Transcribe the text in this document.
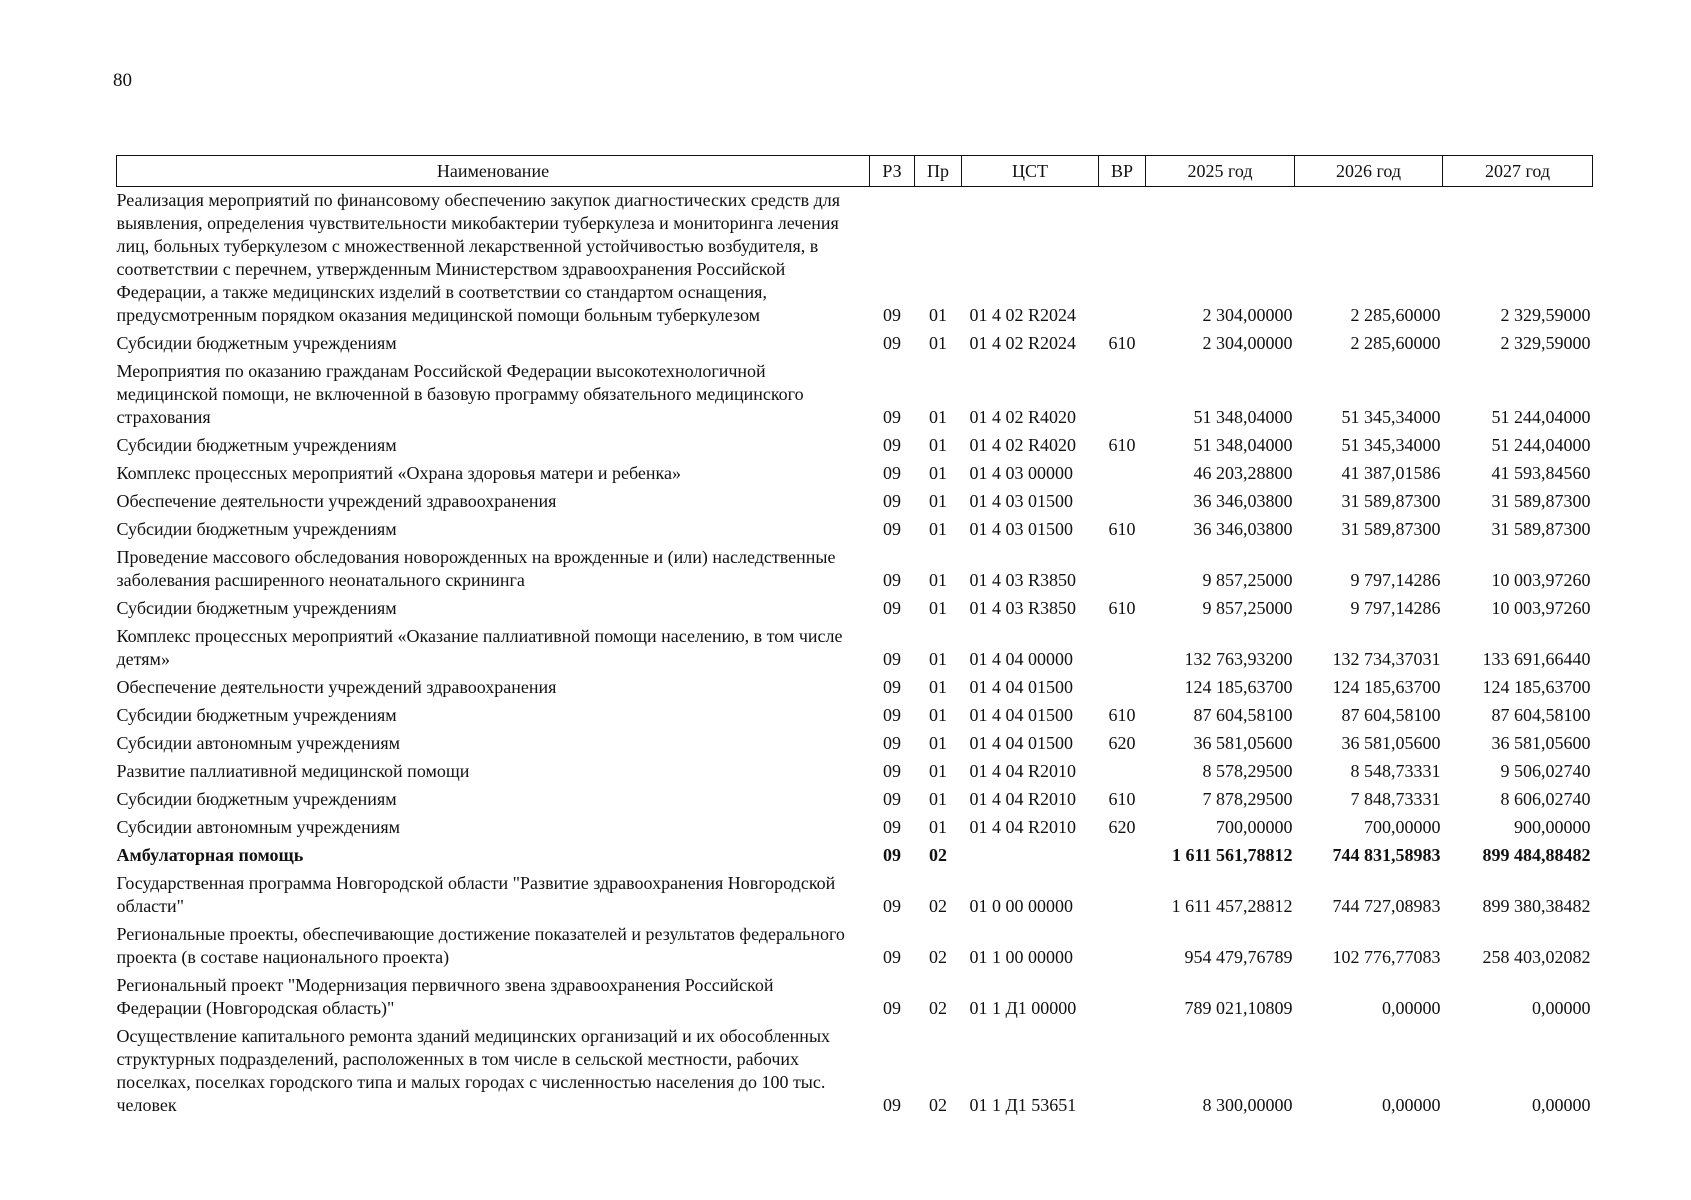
80
Наименование	РЗ	Пр	ЦСТ	ВР	2025 год	2026 год	2027 год
Реализация мероприятий по финансовому обеспечению закупок диагностических средств для выявления, определения чувствительности микобактерии туберкулеза и мониторинга лечения лиц, больных туберкулезом с множественной лекарственной устойчивостью возбудителя, в соответствии с перечнем, утвержденным Министерством здравоохранения Российской Федерации, а также медицинских изделий в соответствии со стандартом оснащения, предусмотренным порядком оказания медицинской помощи больным туберкулезом	09	01	01 4 02 R2024		2 304,00000	2 285,60000	2 329,59000
Субсидии бюджетным учреждениям	09	01	01 4 02 R2024	610	2 304,00000	2 285,60000	2 329,59000
Мероприятия по оказанию гражданам Российской Федерации высокотехнологичной медицинской помощи, не включенной в базовую программу обязательного медицинского страхования	09	01	01 4 02 R4020		51 348,04000	51 345,34000	51 244,04000
Субсидии бюджетным учреждениям	09	01	01 4 02 R4020	610	51 348,04000	51 345,34000	51 244,04000
Комплекс процессных мероприятий «Охрана здоровья матери и ребенка»	09	01	01 4 03 00000		46 203,28800	41 387,01586	41 593,84560
Обеспечение деятельности учреждений здравоохранения	09	01	01 4 03 01500		36 346,03800	31 589,87300	31 589,87300
Субсидии бюджетным учреждениям	09	01	01 4 03 01500	610	36 346,03800	31 589,87300	31 589,87300
Проведение массового обследования новорожденных на врожденные и (или) наследственные заболевания расширенного неонатального скрининга	09	01	01 4 03 R3850		9 857,25000	9 797,14286	10 003,97260
Субсидии бюджетным учреждениям	09	01	01 4 03 R3850	610	9 857,25000	9 797,14286	10 003,97260
Комплекс процессных мероприятий «Оказание паллиативной помощи населению, в том числе детям»	09	01	01 4 04 00000		132 763,93200	132 734,37031	133 691,66440
Обеспечение деятельности учреждений здравоохранения	09	01	01 4 04 01500		124 185,63700	124 185,63700	124 185,63700
Субсидии бюджетным учреждениям	09	01	01 4 04 01500	610	87 604,58100	87 604,58100	87 604,58100
Субсидии автономным учреждениям	09	01	01 4 04 01500	620	36 581,05600	36 581,05600	36 581,05600
Развитие паллиативной медицинской помощи	09	01	01 4 04 R2010		8 578,29500	8 548,73331	9 506,02740
Субсидии бюджетным учреждениям	09	01	01 4 04 R2010	610	7 878,29500	7 848,73331	8 606,02740
Субсидии автономным учреждениям	09	01	01 4 04 R2010	620	700,00000	700,00000	900,00000
Амбулаторная помощь	09	02			1 611 561,78812	744 831,58983	899 484,88482
Государственная программа Новгородской области "Развитие здравоохранения Новгородской области"	09	02	01 0 00 00000		1 611 457,28812	744 727,08983	899 380,38482
Региональные проекты, обеспечивающие достижение показателей и результатов федерального проекта (в составе национального проекта)	09	02	01 1 00 00000		954 479,76789	102 776,77083	258 403,02082
Региональный проект "Модернизация первичного звена здравоохранения Российской Федерации (Новгородская область)"	09	02	01 1 Д1 00000		789 021,10809	0,00000	0,00000
Осуществление капитального ремонта зданий медицинских организаций и их обособленных структурных подразделений, расположенных в том числе в сельской местности, рабочих поселках, поселках городского типа и малых городах с численностью населения до 100 тыс. человек	09	02	01 1 Д1 53651		8 300,00000	0,00000	0,00000
